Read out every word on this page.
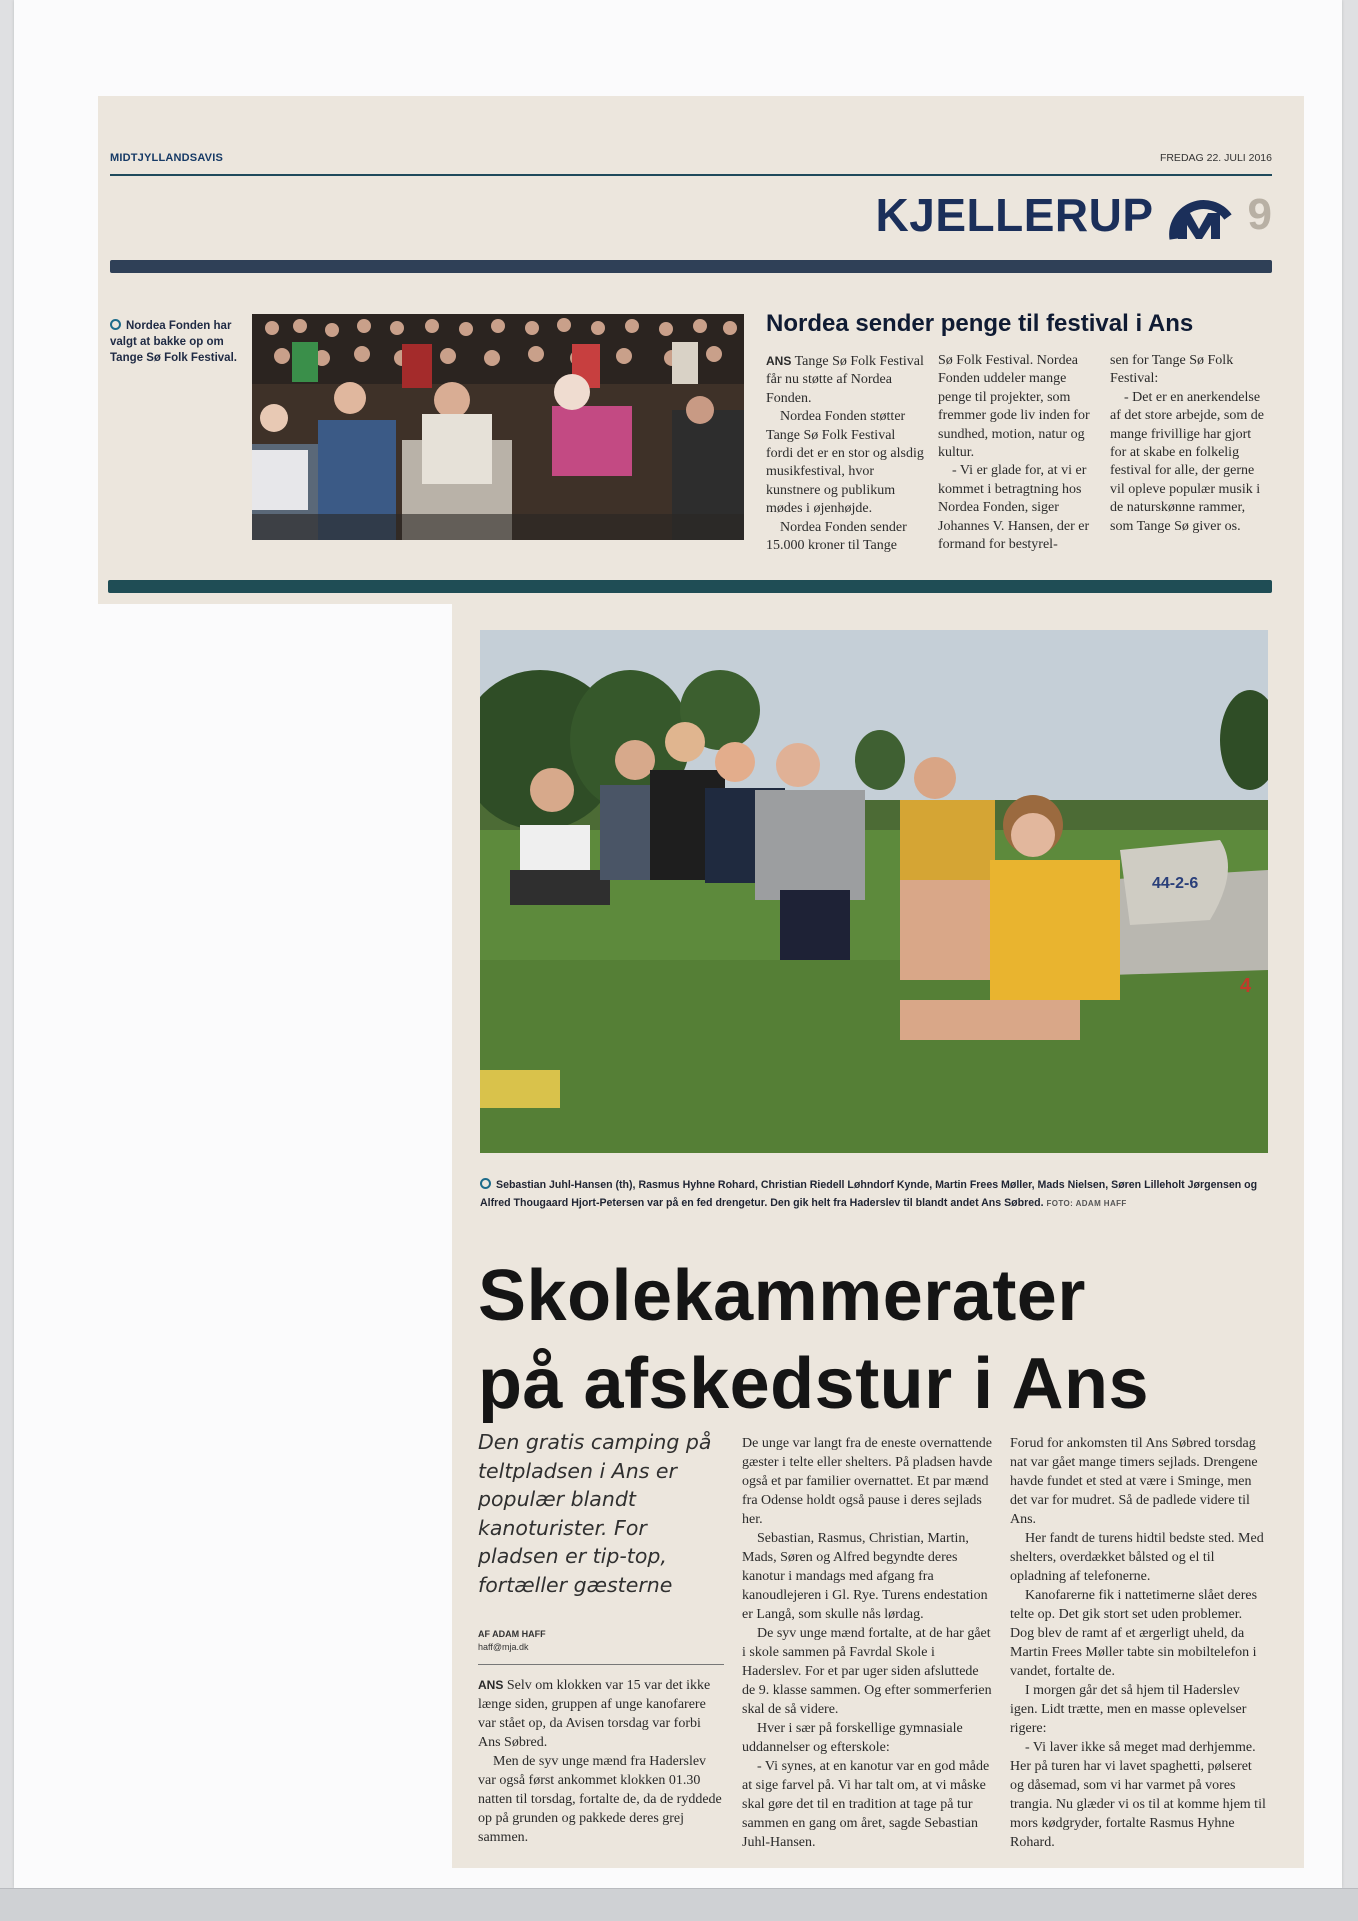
MIDTJYLLANDSAVIS	FREDAG 22. JULI 2016
KJELLERUP 9
Nordea Fonden har valgt at bakke op om Tange Sø Folk Festival.
Nordea sender penge til festival i Ans

ANS Tange Sø Folk Festival får nu støtte af Nordea Fonden.

Nordea Fonden støtter Tange Sø Folk Festival fordi det er en stor og alsdig musikfestival, hvor kunstnere og publikum mødes i øjenhøjde.

Nordea Fonden sender 15.000 kroner til Tange

Sø Folk Festival. Nordea Fonden uddeler mange penge til projekter, som fremmer gode liv inden for sundhed, motion, natur og kultur.

- Vi er glade for, at vi er kommet i betragtning hos Nordea Fonden, siger Johannes V. Hansen, der er formand for bestyrel-

sen for Tange Sø Folk Festival:

- Det er en anerkendelse af det store arbejde, som de mange frivillige har gjort for at skabe en folkelig festival for alle, der gerne vil opleve populær musik i de naturskønne rammer, som Tange Sø giver os.

44-2-6
4
Sebastian Juhl-Hansen (th), Rasmus Hyhne Rohard, Christian Riedell Løhndorf Kynde, Martin Frees Møller, Mads Nielsen, Søren Lilleholt Jørgensen og Alfred Thougaard Hjort-Petersen var på en fed drengetur. Den gik helt fra Haderslev til blandt andet Ans Søbred. FOTO: ADAM HAFF
Skolekammerater
på afskedstur i Ans
Den gratis camping på teltpladsen i Ans er populær blandt kanoturister. For pladsen er tip-top, fortæller gæsterne
AF ADAM HAFF
haff@mja.dk

ANS Selv om klokken var 15 var det ikke længe siden, gruppen af unge kanofarere var stået op, da Avisen torsdag var forbi Ans Søbred.

Men de syv unge mænd fra Haderslev var også først ankommet klokken 01.30 natten til torsdag, fortalte de, da de ryddede op på grunden og pakkede deres grej sammen.

De unge var langt fra de eneste overnattende gæster i telte eller shelters. På pladsen havde også et par familier overnattet. Et par mænd fra Odense holdt også pause i deres sejlads her.

Sebastian, Rasmus, Christian, Martin, Mads, Søren og Alfred begyndte deres kanotur i mandags med afgang fra kanoudlejeren i Gl. Rye. Turens endestation er Langå, som skulle nås lørdag.

De syv unge mænd fortalte, at de har gået i skole sammen på Favrdal Skole i Haderslev. For et par uger siden afsluttede de 9. klasse sammen. Og efter sommerferien skal de så videre.

Hver i sær på forskellige gymnasiale uddannelser og efterskole:

- Vi synes, at en kanotur var en god måde at sige farvel på. Vi har talt om, at vi måske skal gøre det til en tradition at tage på tur sammen en gang om året, sagde Sebastian Juhl-Hansen.

Forud for ankomsten til Ans Søbred torsdag nat var gået mange timers sejlads. Drengene havde fundet et sted at være i Sminge, men det var for mudret. Så de padlede videre til Ans.

Her fandt de turens hidtil bedste sted. Med shelters, overdækket bålsted og el til opladning af telefonerne.

Kanofarerne fik i nattetimerne slået deres telte op. Det gik stort set uden problemer. Dog blev de ramt af et ærgerligt uheld, da Martin Frees Møller tabte sin mobiltelefon i vandet, fortalte de.

I morgen går det så hjem til Haderslev igen. Lidt trætte, men en masse oplevelser rigere:

- Vi laver ikke så meget mad derhjemme. Her på turen har vi lavet spaghetti, pølseret og dåsemad, som vi har varmet på vores trangia. Nu glæder vi os til at komme hjem til mors kødgryder, fortalte Rasmus Hyhne Rohard.
